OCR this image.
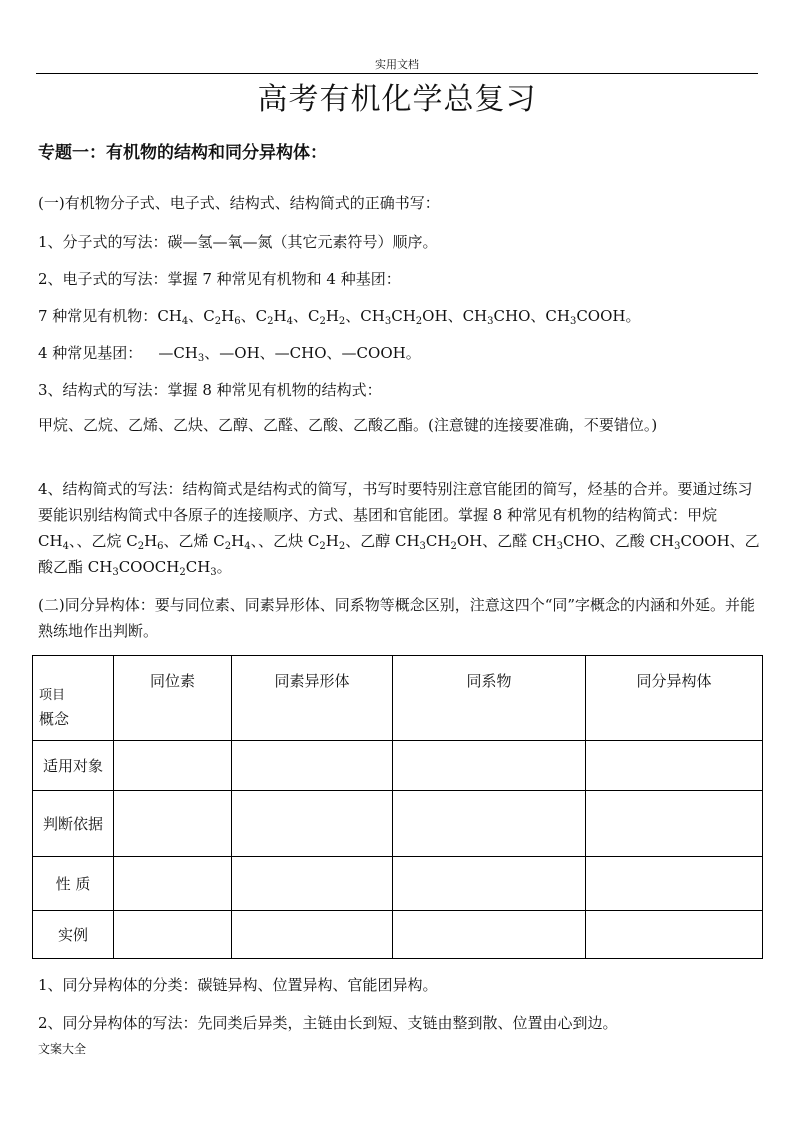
实用文档
高考有机化学总复习
专题一：有机物的结构和同分异构体：
(一)有机物分子式、电子式、结构式、结构简式的正确书写：
1、分子式的写法：碳—氢—氧—氮（其它元素符号）顺序。
2、电子式的写法：掌握 7 种常见有机物和 4 种基团：
7 种常见有机物：$CH_4$、$C_2H_6$、$C_2H_4$、$C_2H_2$、$CH_3CH_2OH$、$CH_3CHO$、$CH_3COOH$。
4 种常见基团： $—CH_3$、—OH、—CHO、—COOH。
3、结构式的写法：掌握 8 种常见有机物的结构式：
甲烷、乙烷、乙烯、乙炔、乙醇、乙醛、乙酸、乙酸乙酯。(注意键的连接要准确，不要错位。)
4、结构简式的写法：结构简式是结构式的简写，书写时要特别注意官能团的简写，烃基的合并。要通过练习要能识别结构简式中各原子的连接顺序、方式、基团和官能团。掌握 8 种常见有机物的结构简式：甲烷 $CH_4$、、乙烷 $C_2H_6$、乙烯 $C_2H_4$、、乙炔 $C_2H_2$、乙醇 $CH_3CH_2OH$、乙醛 $CH_3CHO$、乙酸 $CH_3COOH$、乙酸乙酯 $CH_3COOCH_2CH_3$。
(二)同分异构体：要与同位素、同素异形体、同系物等概念区别，注意这四个“同”字概念的内涵和外延。并能熟练地作出判断。
项目
概念	同位素	同素异形体	同系物	同分异构体
适用对象				
判断依据				
性 质				
实例				
1、同分异构体的分类：碳链异构、位置异构、官能团异构。
2、同分异构体的写法：先同类后异类，主链由长到短、支链由整到散、位置由心到边。
文案大全
